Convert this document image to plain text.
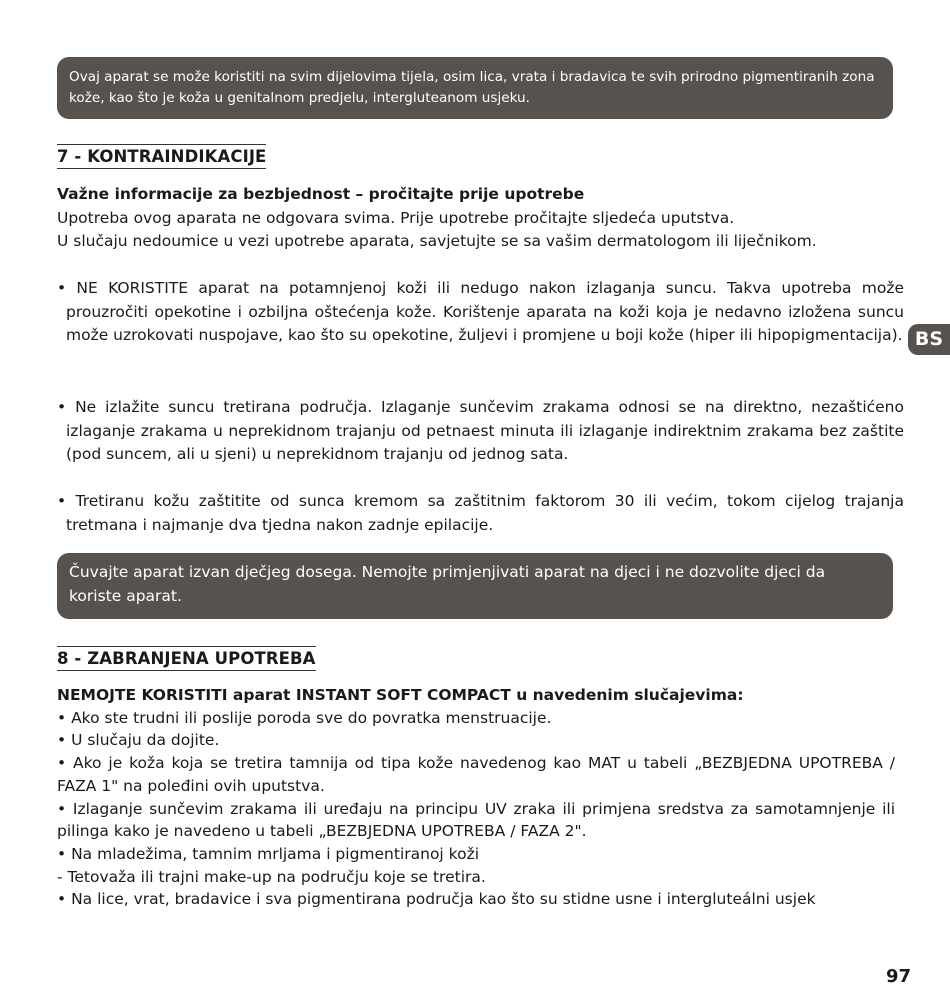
Ovaj aparat se može koristiti na svim dijelovima tijela, osim lica, vrata i bradavica te svih prirodno pigmentiranih zona kože, kao što je koža u genitalnom predjelu, intergluteanom usjeku.
7 - KONTRAINDIKACIJE
Važne informacije za bezbjednost – pročitajte prije upotrebe
Upotreba ovog aparata ne odgovara svima. Prije upotrebe pročitajte sljedeća uputstva.
U slučaju nedoumice u vezi upotrebe aparata, savjetujte se sa vašim dermatologom ili liječnikom.
• NE KORISTITE aparat na potamnjenoj koži ili nedugo nakon izlaganja suncu. Takva upotreba može prouzročiti opekotine i ozbiljna oštećenja kože. Korištenje aparata na koži koja je nedavno izložena suncu može uzrokovati nuspojave, kao što su opekotine, žuljevi i promjene u boji kože (hiper ili hipopigmentacija).
• Ne izlažite suncu tretirana područja. Izlaganje sunčevim zrakama odnosi se na direktno, nezaštićeno izlaganje zrakama u neprekidnom trajanju od petnaest minuta ili izlaganje indirektnim zrakama bez zaštite (pod suncem, ali u sjeni) u neprekidnom trajanju od jednog sata.
• Tretiranu kožu zaštitite od sunca kremom sa zaštitnim faktorom 30 ili većim, tokom cijelog trajanja tretmana i najmanje dva tjedna nakon zadnje epilacije.
Čuvajte aparat izvan dječjeg dosega. Nemojte primjenjivati aparat na djeci i ne dozvolite djeci da koriste aparat.
8 - ZABRANJENA UPOTREBA
NEMOJTE KORISTITI aparat INSTANT SOFT COMPACT u navedenim slučajevima:
• Ako ste trudni ili poslije poroda sve do povratka menstruacije.
• U slučaju da dojite.
• Ako je koža koja se tretira tamnija od tipa kože navedenog kao MAT u tabeli „BEZBJEDNA UPOTREBA / FAZA 1" na poleđini ovih uputstva.
• Izlaganje sunčevim zrakama ili uređaju na principu UV zraka ili primjena sredstva za samotamnjenje ili pilinga kako je navedeno u tabeli „BEZBJEDNA UPOTREBA / FAZA 2".
• Na mladežima, tamnim mrljama i pigmentiranoj koži
- Tetovaža ili trajni make-up na području koje se tretira.
• Na lice, vrat, bradavice i sva pigmentirana područja kao što su stidne usne i intergluteálni usjek
BS
97
